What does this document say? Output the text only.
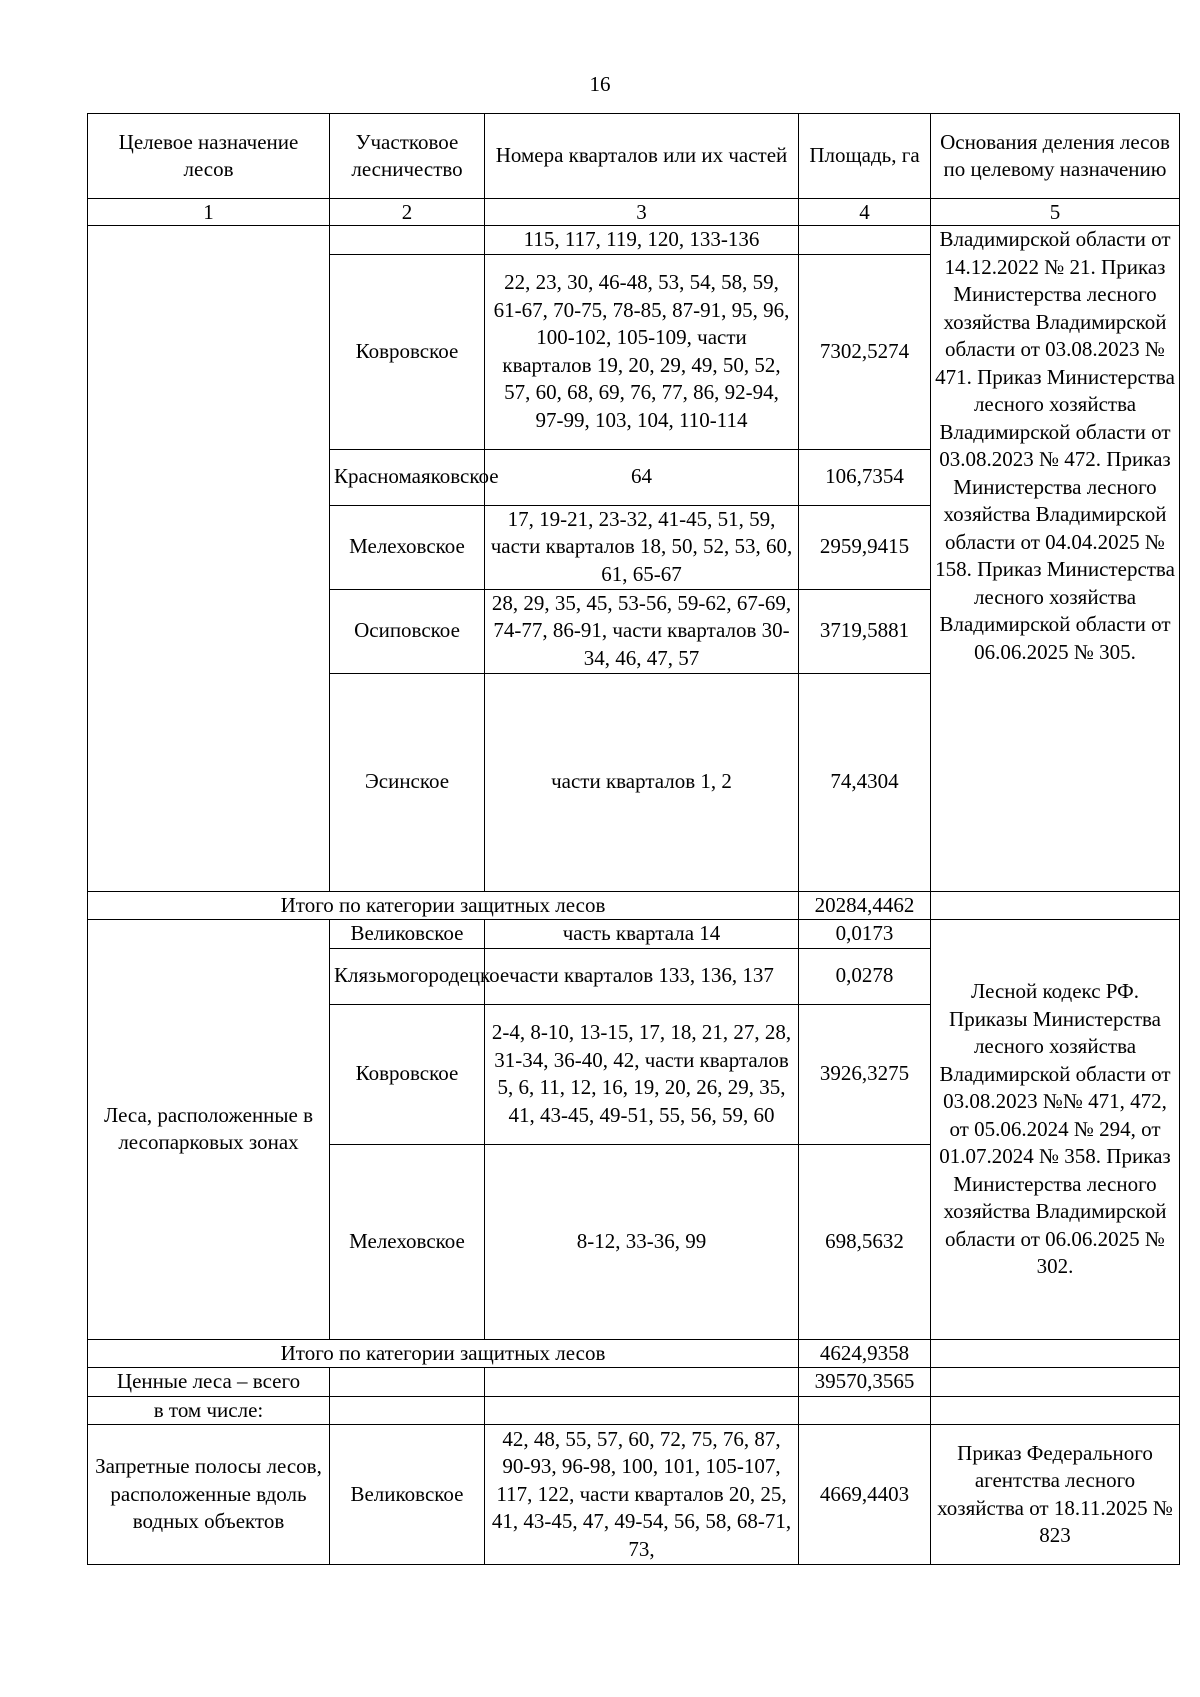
16
Целевое назначение лесов	Участковое лесничество	Номера кварталов или их частей	Площадь, га	Основания деления лесов по целевому назначению
1	2	3	4	5
		115, 117, 119, 120, 133-136		Владимирской области от 14.12.2022 № 21. Приказ Министерства лесного хозяйства Владимирской области от 03.08.2023 № 471. Приказ Министерства лесного хозяйства Владимирской области от 03.08.2023 № 472. Приказ Министерства лесного хозяйства Владимирской области от 04.04.2025 № 158. Приказ Министерства лесного хозяйства Владимирской области от 06.06.2025 № 305.
	Ковровское	22, 23, 30, 46-48, 53, 54, 58, 59, 61-67, 70-75, 78-85, 87-91, 95, 96, 100-102, 105-109, части кварталов 19, 20, 29, 49, 50, 52, 57, 60, 68, 69, 76, 77, 86, 92-94, 97-99, 103, 104, 110-114	7302,5274	
	Красномаяковское	64	106,7354	
	Мелеховское	17, 19-21, 23-32, 41-45, 51, 59, части кварталов 18, 50, 52, 53, 60, 61, 65-67	2959,9415	
	Осиповское	28, 29, 35, 45, 53-56, 59-62, 67-69, 74-77, 86-91, части кварталов 30-34, 46, 47, 57	3719,5881	
	Эсинское	части кварталов 1, 2	74,4304	

Итого по категории защитных лесов			20284,4462	
Леса, расположенные в лесопарковых зонах	Великовское	часть квартала 14	0,0173	Лесной кодекс РФ. Приказы Министерства лесного хозяйства Владимирской области от 03.08.2023 №№ 471, 472, от 05.06.2024 № 294, от 01.07.2024 № 358. Приказ Министерства лесного хозяйства Владимирской области от 06.06.2025 № 302.
	Клязьмогородецкое	части кварталов 133, 136, 137	0,0278	
	Ковровское	2-4, 8-10, 13-15, 17, 18, 21, 27, 28, 31-34, 36-40, 42, части кварталов 5, 6, 11, 12, 16, 19, 20, 26, 29, 35, 41, 43-45, 49-51, 55, 56, 59, 60	3926,3275	
	Мелеховское	8-12, 33-36, 99	698,5632	
Итого по категории защитных лесов			4624,9358	
Ценные леса – всего			39570,3565	
в том числе:				
Запретные полосы лесов, расположенные вдоль водных объектов	Великовское	42, 48, 55, 57, 60, 72, 75, 76, 87, 90-93, 96-98, 100, 101, 105-107, 117, 122, части кварталов 20, 25, 41, 43-45, 47, 49-54, 56, 58, 68-71, 73,	4669,4403	Приказ Федерального агентства лесного хозяйства от 18.11.2025 № 823
